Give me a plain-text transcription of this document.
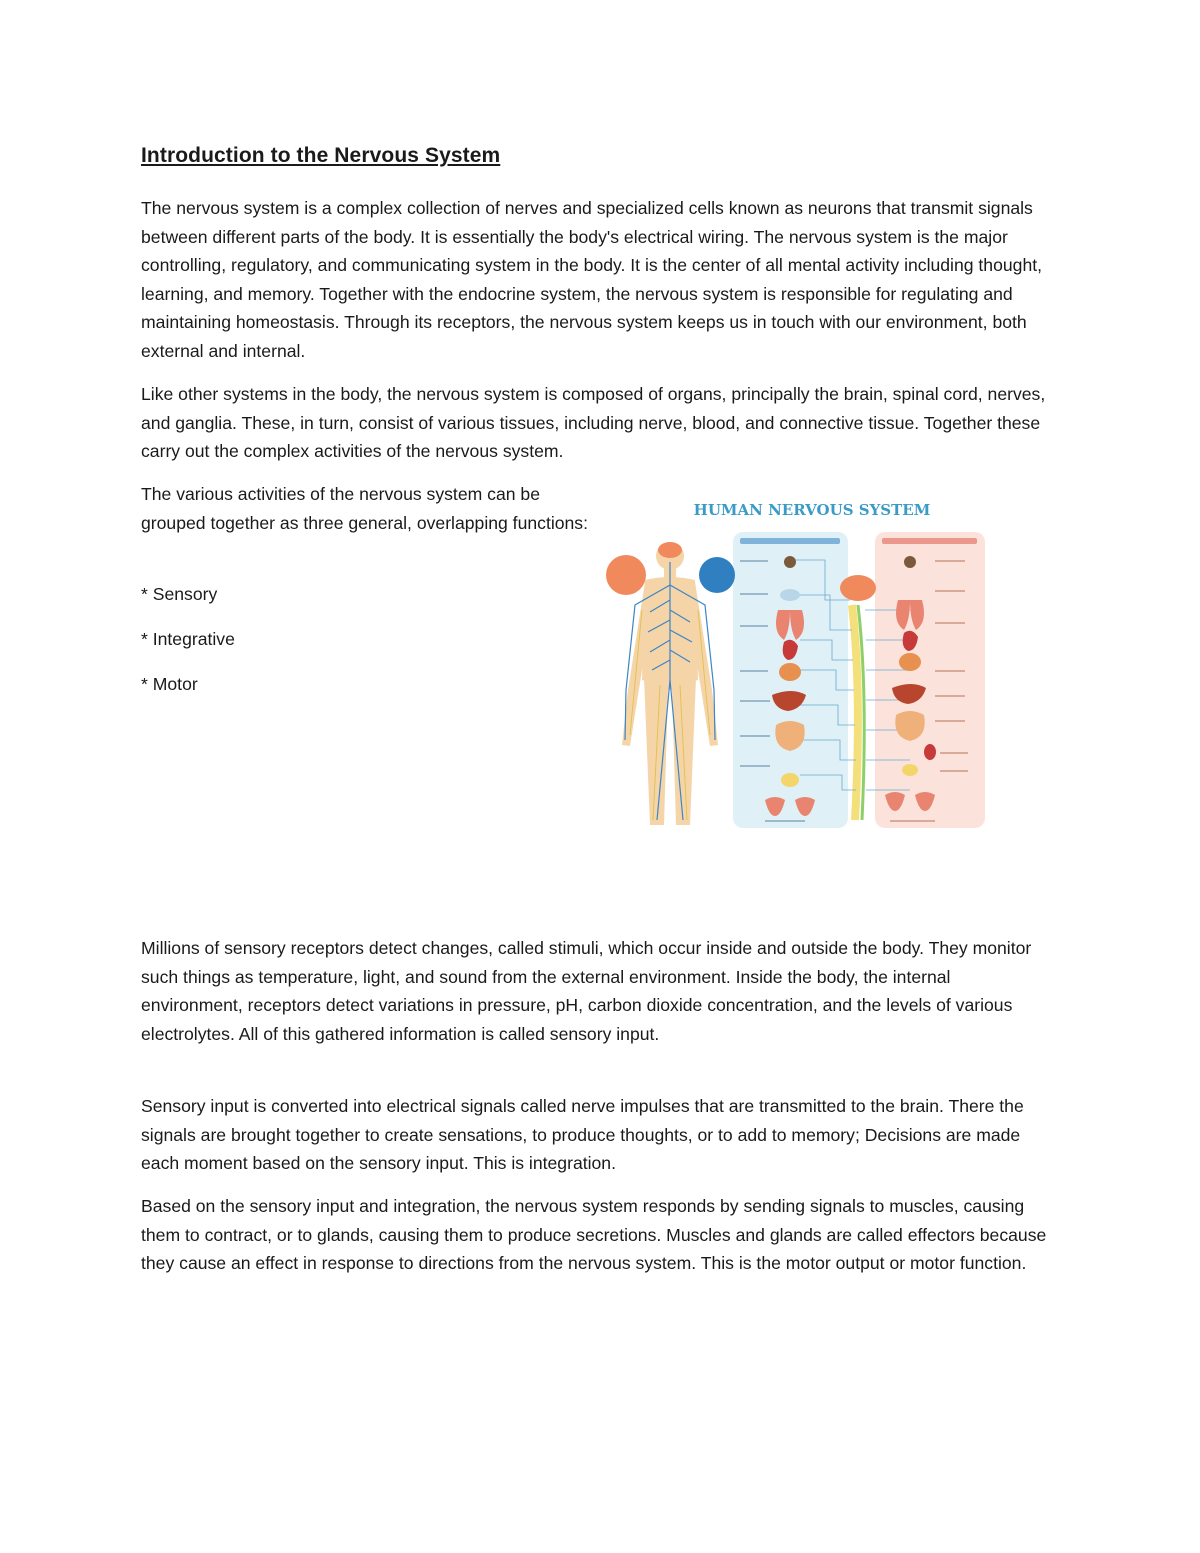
Introduction to the Nervous System

The nervous system is a complex collection of nerves and specialized cells known as neurons that transmit signals between different parts of the body. It is essentially the body's electrical wiring. The nervous system is the major controlling, regulatory, and communicating system in the body. It is the center of all mental activity including thought, learning, and memory. Together with the endocrine system, the nervous system is responsible for regulating and maintaining homeostasis. Through its receptors, the nervous system keeps us in touch with our environment, both external and internal.

Like other systems in the body, the nervous system is composed of organs, principally the brain, spinal cord, nerves, and ganglia. These, in turn, consist of various tissues, including nerve, blood, and connective tissue. Together these carry out the complex activities of the nervous system.

The various activities of the nervous system can be grouped together as three general, overlapping functions:

* Sensory
* Integrative
* Motor
HUMAN NERVOUS SYSTEM

Millions of sensory receptors detect changes, called stimuli, which occur inside and outside the body. They monitor such things as temperature, light, and sound from the external environment. Inside the body, the internal environment, receptors detect variations in pressure, pH, carbon dioxide concentration, and the levels of various electrolytes. All of this gathered information is called sensory input.

Sensory input is converted into electrical signals called nerve impulses that are transmitted to the brain. There the signals are brought together to create sensations, to produce thoughts, or to add to memory; Decisions are made each moment based on the sensory input. This is integration.

Based on the sensory input and integration, the nervous system responds by sending signals to muscles, causing them to contract, or to glands, causing them to produce secretions. Muscles and glands are called effectors because they cause an effect in response to directions from the nervous system. This is the motor output or motor function.
